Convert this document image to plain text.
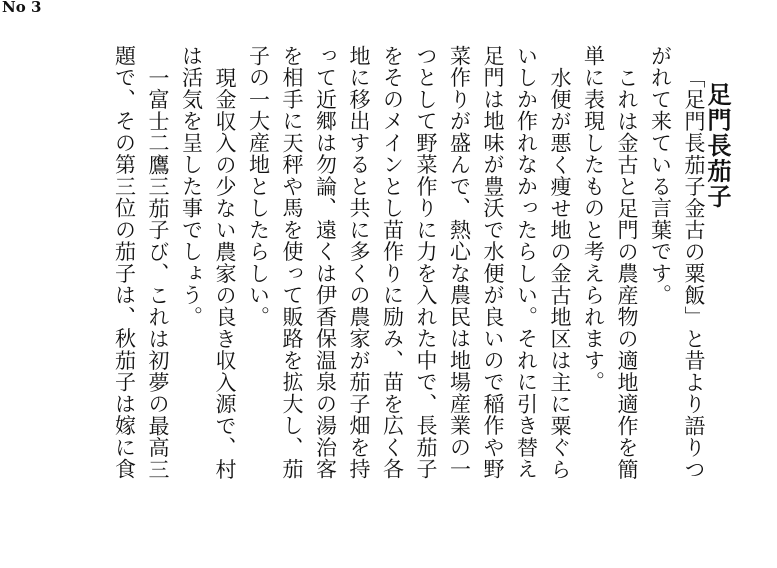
No 3
足門長茄子
「足門長茄子金古の粟飯」と昔より語りつ
がれて来ている言葉です。
これは金古と足門の農産物の適地適作を簡
単に表現したものと考えられます。
水便が悪く痩せ地の金古地区は主に粟ぐら
いしか作れなかったらしい。それに引き替え
足門は地味が豊沃で水便が良いので稲作や野
菜作りが盛んで、熱心な農民は地場産業の一
つとして野菜作りに力を入れた中で、長茄子
をそのメインとし苗作りに励み、苗を広く各
地に移出すると共に多くの農家が茄子畑を持
って近郷は勿論、遠くは伊香保温泉の湯治客
を相手に天秤や馬を使って販路を拡大し、茄
子の一大産地としたらしい。
現金収入の少ない農家の良き収入源で、村
は活気を呈した事でしょう。
一富士二鷹三茄子び、これは初夢の最高三
題で、その第三位の茄子は、秋茄子は嫁に食
